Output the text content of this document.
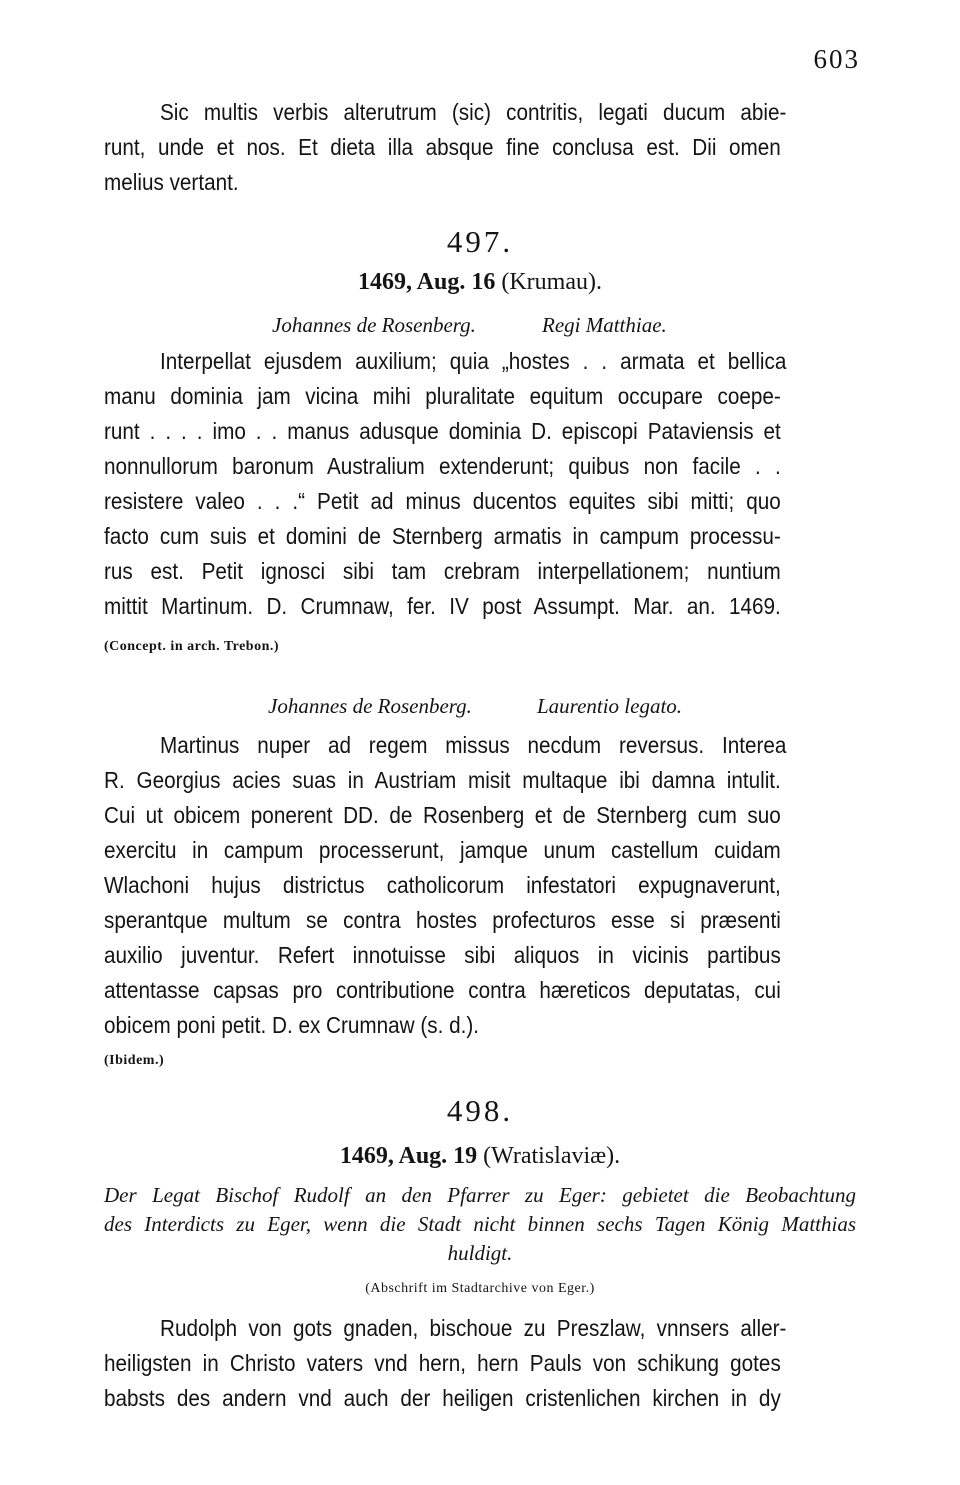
603
Sic multis verbis alterutrum (sic) contritis, legati ducum abie-
runt, unde et nos. Et dieta illa absque fine conclusa est. Dii omen
melius vertant.
497.
1469, Aug. 16 (Krumau).
Johannes de Rosenberg.	Regi Matthiae.
Interpellat ejusdem auxilium; quia „hostes . . armata et bellica
manu dominia jam vicina mihi pluralitate equitum occupare coepe-
runt . . . . imo . . manus adusque dominia D. episcopi Pataviensis et
nonnullorum baronum Australium extenderunt; quibus non facile . .
resistere valeo . . .“ Petit ad minus ducentos equites sibi mitti; quo
facto cum suis et domini de Sternberg armatis in campum processu-
rus est. Petit ignosci sibi tam crebram interpellationem; nuntium
mittit Martinum. D. Crumnaw, fer. IV post Assumpt. Mar. an. 1469.
(Concept. in arch. Trebon.)
Johannes de Rosenberg.	Laurentio legato.
Martinus nuper ad regem missus necdum reversus. Interea
R. Georgius acies suas in Austriam misit multaque ibi damna intulit.
Cui ut obicem ponerent DD. de Rosenberg et de Sternberg cum suo
exercitu in campum processerunt, jamque unum castellum cuidam
Wlachoni hujus districtus catholicorum infestatori expugnaverunt,
sperantque multum se contra hostes profecturos esse si præsenti
auxilio juventur. Refert innotuisse sibi aliquos in vicinis partibus
attentasse capsas pro contributione contra hæreticos deputatas, cui
obicem poni petit. D. ex Crumnaw (s. d.).
(Ibidem.)
498.
1469, Aug. 19 (Wratislaviæ).
Der Legat Bischof Rudolf an den Pfarrer zu Eger: gebietet die Beobachtung
des Interdicts zu Eger, wenn die Stadt nicht binnen sechs Tagen König Matthias
huldigt.
(Abschrift im Stadtarchive von Eger.)
Rudolph von gots gnaden, bischoue zu Preszlaw, vnnsers aller-
heiligsten in Christo vaters vnd hern, hern Pauls von schikung gotes
babsts des andern vnd auch der heiligen cristenlichen kirchen in dy
